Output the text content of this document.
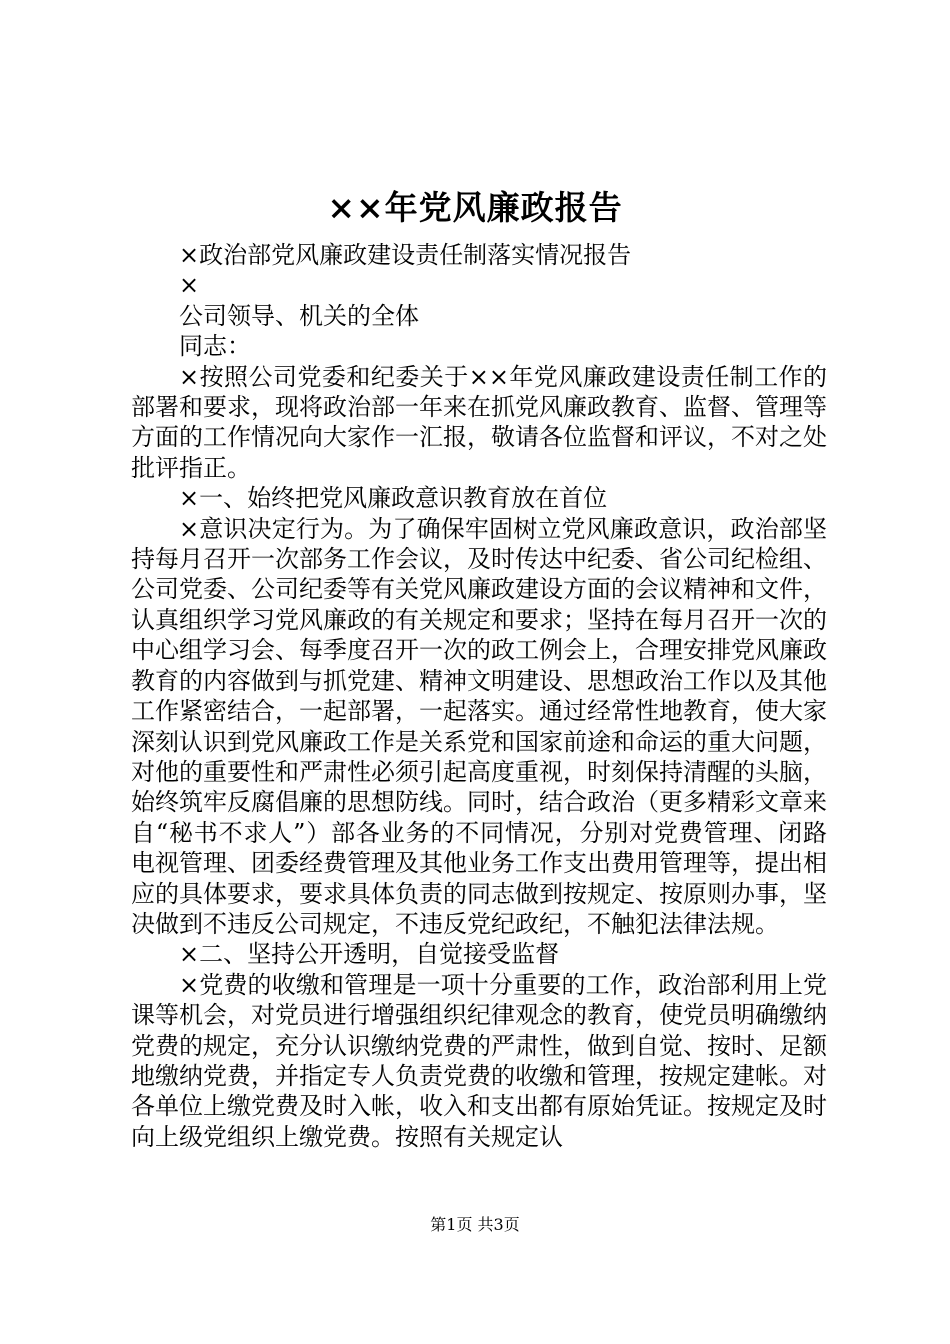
××年党风廉政报告

×政治部党风廉政建设责任制落实情况报告

×

公司领导、机关的全体

同志：

×按照公司党委和纪委关于××年党风廉政建设责任制工作的部署和要求，现将政治部一年来在抓党风廉政教育、监督、管理等方面的工作情况向大家作一汇报，敬请各位监督和评议，不对之处批评指正。

×一、始终把党风廉政意识教育放在首位

×意识决定行为。为了确保牢固树立党风廉政意识，政治部坚持每月召开一次部务工作会议，及时传达中纪委、省公司纪检组、公司党委、公司纪委等有关党风廉政建设方面的会议精神和文件，认真组织学习党风廉政的有关规定和要求；坚持在每月召开一次的中心组学习会、每季度召开一次的政工例会上，合理安排党风廉政教育的内容做到与抓党建、精神文明建设、思想政治工作以及其他工作紧密结合，一起部署，一起落实。通过经常性地教育，使大家深刻认识到党风廉政工作是关系党和国家前途和命运的重大问题，对他的重要性和严肃性必须引起高度重视，时刻保持清醒的头脑，始终筑牢反腐倡廉的思想防线。同时，结合政治（更多精彩文章来自“秘书不求人”）部各业务的不同情况，分别对党费管理、闭路电视管理、团委经费管理及其他业务工作支出费用管理等，提出相应的具体要求，要求具体负责的同志做到按规定、按原则办事，坚决做到不违反公司规定，不违反党纪政纪，不触犯法律法规。

×二、坚持公开透明，自觉接受监督

×党费的收缴和管理是一项十分重要的工作，政治部利用上党课等机会，对党员进行增强组织纪律观念的教育，使党员明确缴纳党费的规定，充分认识缴纳党费的严肃性，做到自觉、按时、足额地缴纳党费，并指定专人负责党费的收缴和管理，按规定建帐。对各单位上缴党费及时入帐，收入和支出都有原始凭证。按规定及时向上级党组织上缴党费。按照有关规定认

第1页 共3页
